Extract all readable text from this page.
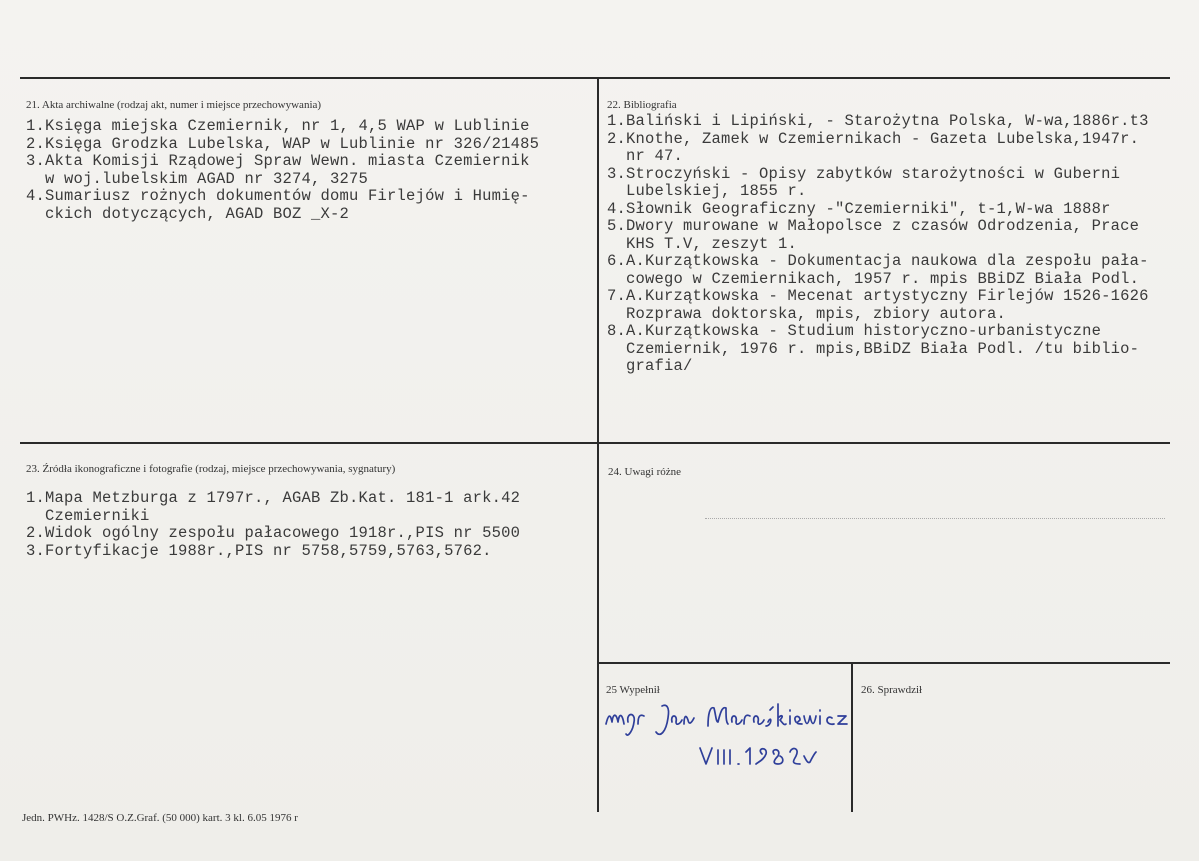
21. Akta archiwalne (rodzaj akt, numer i miejsce przechowywania)
1.Księga miejska Czemiernik, nr 1, 4,5 WAP w Lublinie
2.Księga Grodzka Lubelska, WAP w Lublinie nr 326/21485
3.Akta Komisji Rządowej Spraw Wewn. miasta Czemiernik
w woj.lubelskim AGAD nr 3274, 3275
4.Sumariusz rożnych dokumentów domu Firlejów i Humię-
ckich dotyczących, AGAD BOZ _X-2
22. Bibliografia
1.Baliński i Lipiński, - Starożytna Polska, W-wa,1886r.t3
2.Knothe, Zamek w Czemiernikach - Gazeta Lubelska,1947r.
nr 47.
3.Stroczyński - Opisy zabytków starożytności w Guberni
Lubelskiej, 1855 r.
4.Słownik Geograficzny -"Czemierniki", t-1,W-wa 1888r
5.Dwory murowane w Małopolsce z czasów Odrodzenia, Prace
KHS T.V, zeszyt 1.
6.A.Kurzątkowska - Dokumentacja naukowa dla zespołu pała-
cowego w Czemiernikach, 1957 r. mpis BBiDZ Biała Podl.
7.A.Kurzątkowska - Mecenat artystyczny Firlejów 1526-1626
Rozprawa doktorska, mpis, zbiory autora.
8.A.Kurzątkowska - Studium historyczno-urbanistyczne
Czemiernik, 1976 r. mpis,BBiDZ Biała Podl. /tu biblio-
grafia/
23. Źródła ikonograficzne i fotografie (rodzaj, miejsce przechowywania, sygnatury)
1.Mapa Metzburga z 1797r., AGAB Zb.Kat. 181-1 ark.42
Czemierniki
2.Widok ogólny zespołu pałacowego 1918r.,PIS nr 5500
3.Fortyfikacje 1988r.,PIS nr 5758,5759,5763,5762.
24. Uwagi różne
25 Wypełnił	26. Sprawdził
Jedn. PWHz. 1428/S O.Z.Graf. (50 000) kart. 3 kl. 6.05 1976 r
